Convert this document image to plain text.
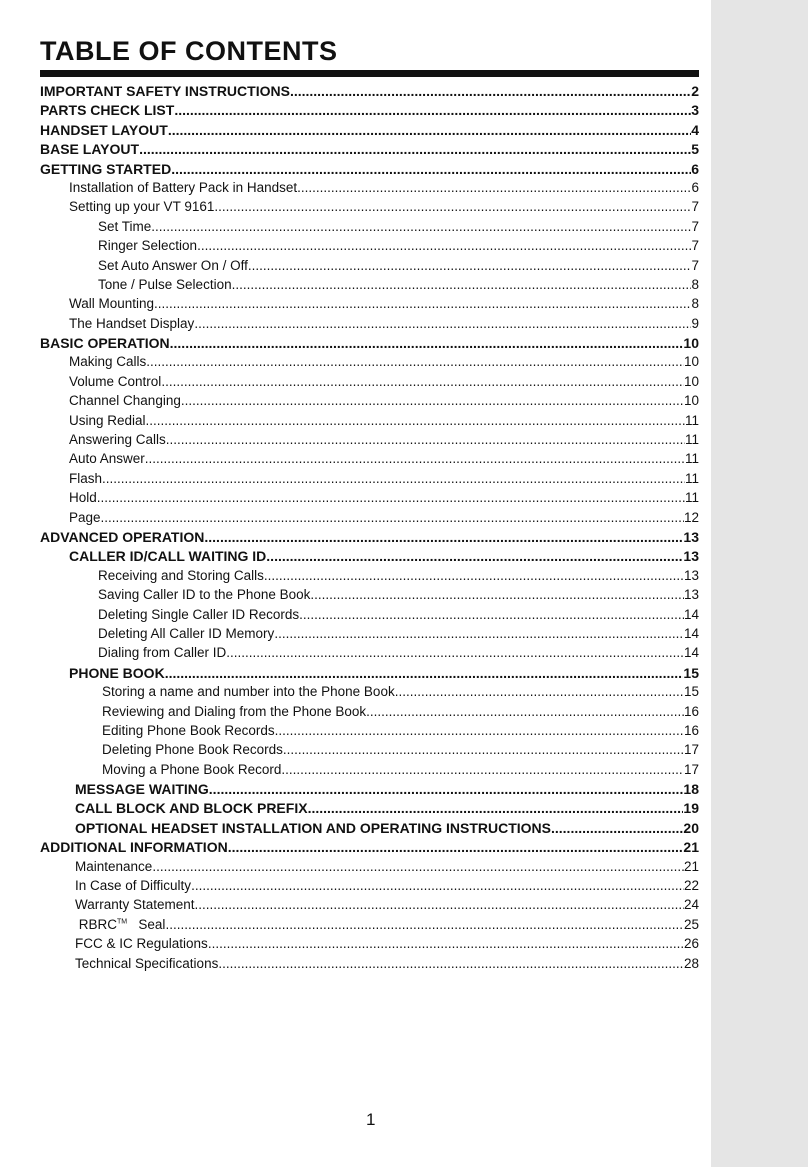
TABLE OF CONTENTS
IMPORTANT SAFETY INSTRUCTIONS .....	2
PARTS CHECK LIST .....	3
HANDSET LAYOUT .....	4
BASE LAYOUT .....	5
GETTING STARTED .....	6
Installation of Battery Pack in Handset .....	6
Setting up your VT 9161 .....	7
Set Time .....	7
Ringer Selection .....	7
Set Auto Answer On / Off .....	7
Tone / Pulse Selection .....	8
Wall Mounting .....	8
The Handset Display .....	9
BASIC OPERATION .....	10
Making Calls .....	10
Volume Control .....	10
Channel Changing .....	10
Using Redial .....	11
Answering Calls .....	11
Auto Answer .....	11
Flash .....	11
Hold .....	11
Page .....	12
ADVANCED OPERATION .....	13
CALLER ID/CALL WAITING ID .....	13
Receiving and Storing Calls .....	13
Saving Caller ID to the Phone Book .....	13
Deleting Single Caller ID Records .....	14
Deleting All Caller ID Memory .....	14
Dialing from Caller ID .....	14
PHONE BOOK .....	15
Storing a name and number into the Phone Book .....	15
Reviewing and Dialing from the Phone Book .....	16
Editing Phone Book Records .....	16
Deleting Phone Book Records .....	17
Moving a Phone Book Record .....	17
MESSAGE WAITING .....	18
CALL BLOCK AND BLOCK PREFIX .....	19
OPTIONAL HEADSET INSTALLATION AND OPERATING INSTRUCTIONS .....	20
ADDITIONAL INFORMATION .....	21
Maintenance .....	21
In Case of Difficulty .....	22
Warranty Statement .....	24
RBRC™ Seal .....	25
FCC & IC Regulations .....	26
Technical Specifications .....	28
1
